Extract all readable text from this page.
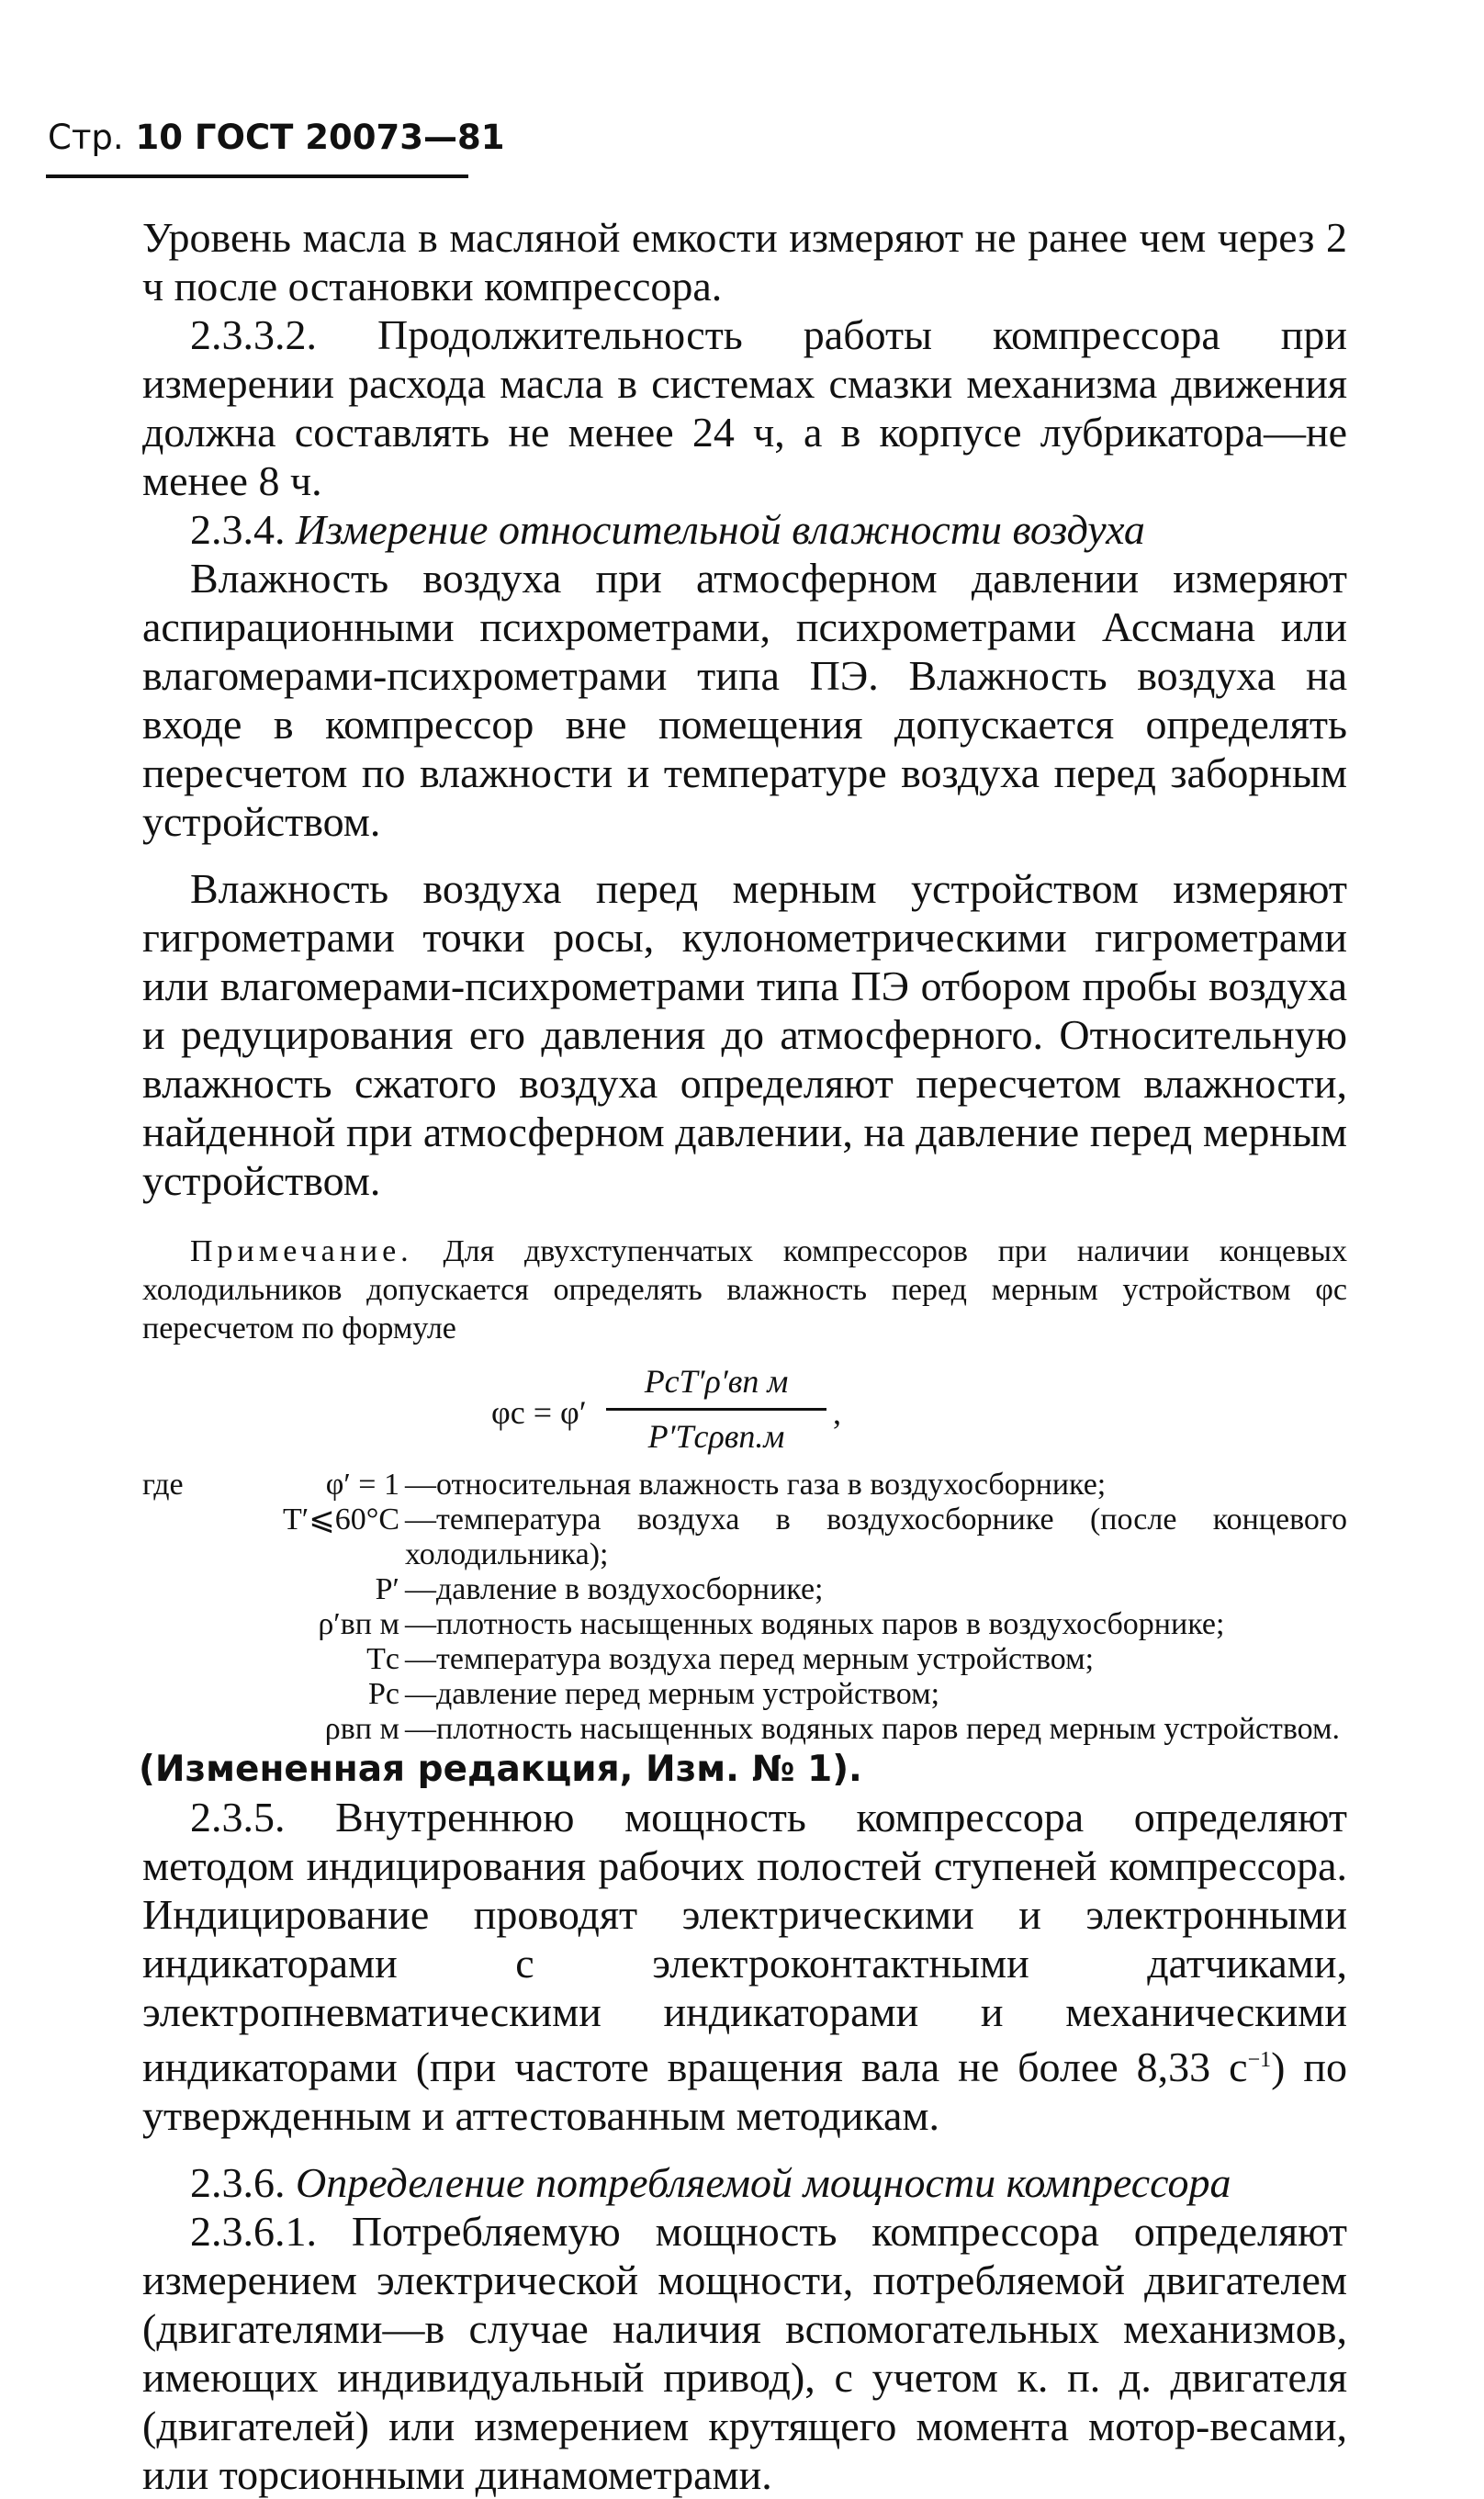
Стр. 10 ГОСТ 20073—81

Уровень масла в масляной емкости измеряют не ранее чем через 2 ч после остановки компрессора.

2.3.3.2. Продолжительность работы компрессора при измерении расхода масла в системах смазки механизма движения должна составлять не менее 24 ч, а в корпусе лубрикатора—не менее 8 ч.

2.3.4. Измерение относительной влажности воздуха

Влажность воздуха при атмосферном давлении измеряют аспирационными психрометрами, психрометрами Ассмана или влагомерами-психрометрами типа ПЭ. Влажность воздуха на входе в компрессор вне помещения допускается определять пересчетом по влажности и температуре воздуха перед заборным устройством.

Влажность воздуха перед мерным устройством измеряют гигрометрами точки росы, кулонометрическими гигрометрами или влагомерами-психрометрами типа ПЭ отбором пробы воздуха и редуцирования его давления до атмосферного. Относительную влажность сжатого воздуха определяют пересчетом влажности, найденной при атмосферном давлении, на давление перед мерным устройством.

Примечание. Для двухступенчатых компрессоров при наличии концевых холодильников допускается определять влажность перед мерным устройством φс пересчетом по формуле

φс = φ′
PсT′ρ′вп м
P′Tсρвп.м
,
где	φ′ = 1 —относительная влажность газа в воздухосборнике;
T′⩽60°С —температура воздуха в воздухосборнике (после концевого холодильника);
P′ —давление в воздухосборнике;
ρ′вп м —плотность насыщенных водяных паров в воздухосборнике;
Tс —температура воздуха перед мерным устройством;
Pс —давление перед мерным устройством;
ρвп м —плотность насыщенных водяных паров перед мерным устройством.

(Измененная редакция, Изм. № 1).

2.3.5. Внутреннюю мощность компрессора определяют методом индицирования рабочих полостей ступеней компрессора. Индицирование проводят электрическими и электронными индикаторами с электроконтактными датчиками, электропневматическими индикаторами и механическими индикаторами (при частоте вращения вала не более 8,33 $с^{-1}$) по утвержденным и аттестованным методикам.

2.3.6. Определение потребляемой мощности компрессора

2.3.6.1. Потребляемую мощность компрессора определяют измерением электрической мощности, потребляемой двигателем (двигателями—в случае наличия вспомогательных механизмов, имеющих индивидуальный привод), с учетом к. п. д. двигателя (двигателей) или измерением крутящего момента мотор-весами, или торсионными динамометрами.
